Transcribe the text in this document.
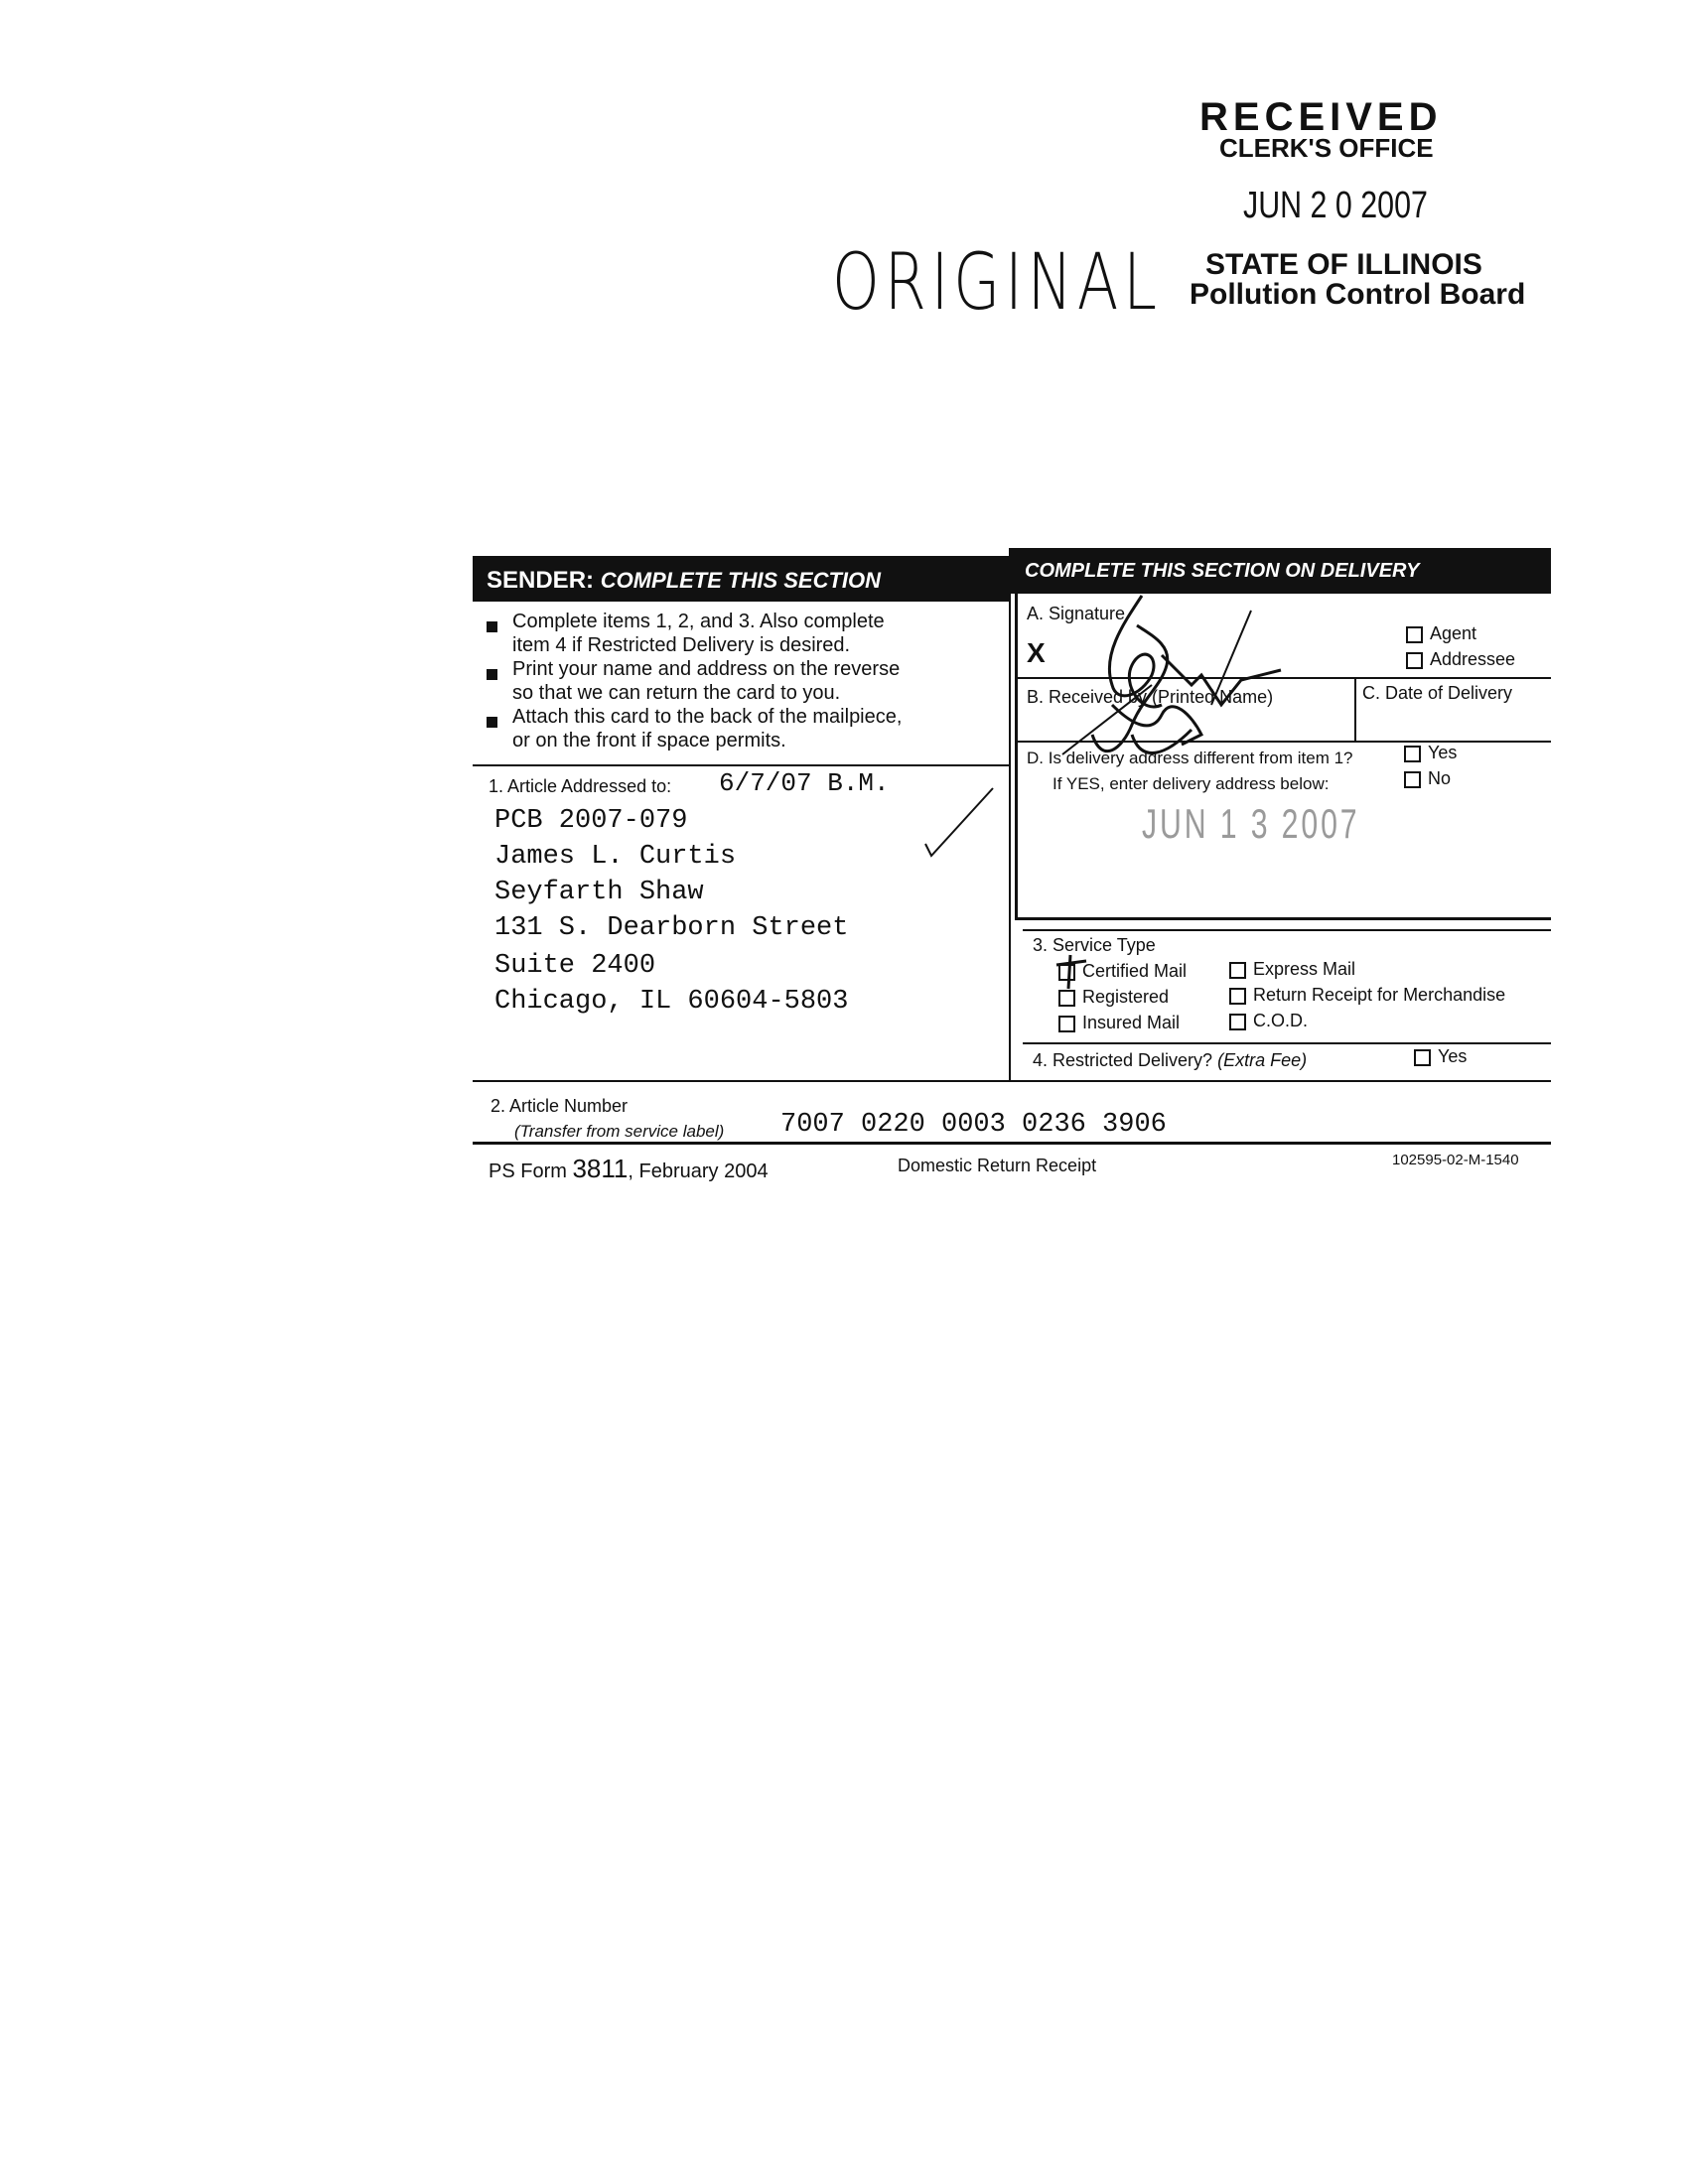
RECEIVED
CLERK'S OFFICE
JUN 2 0 2007
STATE OF ILLINOIS
Pollution Control Board
ORIGINAL
SENDER: COMPLETE THIS SECTION	COMPLETE THIS SECTION ON DELIVERY
Complete items 1, 2, and 3. Also complete
item 4 if Restricted Delivery is desired.
Print your name and address on the reverse
so that we can return the card to you.
Attach this card to the back of the mailpiece,
or on the front if space permits.
1. Article Addressed to: 6/7/07 B.M.
PCB 2007-079
James L. Curtis
Seyfarth Shaw
131 S. Dearborn Street
Suite 2400
Chicago, IL 60604-5803
A. Signature
X
Agent
Addressee
B. Received by (Printed Name)	C. Date of Delivery
D. Is delivery address different from item 1?
If YES, enter delivery address below:
Yes
No
JUN 1 3 2007
3. Service Type
Certified Mail
Registered
Insured Mail
Express Mail
Return Receipt for Merchandise
C.O.D.
4. Restricted Delivery? (Extra Fee)	Yes
2. Article Number
(Transfer from service label) 7007 0220 0003 0236 3906
PS Form 3811, February 2004	Domestic Return Receipt	102595-02-M-1540
